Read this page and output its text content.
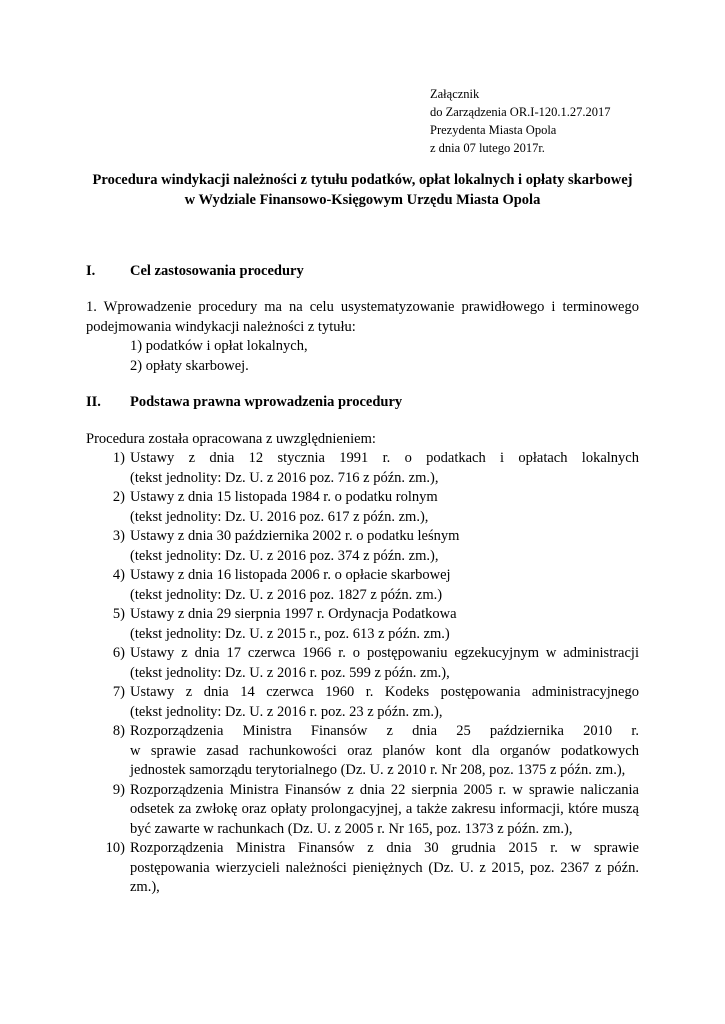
Załącznik
do Zarządzenia OR.I-120.1.27.2017
Prezydenta Miasta Opola
z dnia 07 lutego 2017r.
Procedura windykacji należności z tytułu podatków, opłat lokalnych i opłaty skarbowej
w Wydziale Finansowo-Księgowym Urzędu Miasta Opola
I. Cel zastosowania procedury
1. Wprowadzenie procedury ma na celu usystematyzowanie prawidłowego i terminowego podejmowania windykacji należności z tytułu:
1) podatków i opłat lokalnych,
2) opłaty skarbowej.
II. Podstawa prawna wprowadzenia procedury
Procedura została opracowana z uwzględnieniem:
1) Ustawy z dnia 12 stycznia 1991 r. o podatkach i opłatach lokalnych
(tekst jednolity: Dz. U. z 2016 poz. 716 z późn. zm.),
2) Ustawy z dnia 15 listopada 1984 r. o podatku rolnym
(tekst jednolity: Dz. U. 2016 poz. 617 z późn. zm.),
3) Ustawy z dnia 30 października 2002 r. o podatku leśnym
(tekst jednolity: Dz. U. z 2016 poz. 374 z późn. zm.),
4) Ustawy z dnia 16 listopada 2006 r. o opłacie skarbowej
(tekst jednolity: Dz. U. z 2016 poz. 1827 z późn. zm.)
5) Ustawy z dnia 29 sierpnia 1997 r. Ordynacja Podatkowa
(tekst jednolity: Dz. U. z 2015 r., poz. 613 z późn. zm.)
6) Ustawy z dnia 17 czerwca 1966 r. o postępowaniu egzekucyjnym w administracji
(tekst jednolity: Dz. U. z 2016 r. poz. 599 z późn. zm.),
7) Ustawy z dnia 14 czerwca 1960 r. Kodeks postępowania administracyjnego
(tekst jednolity: Dz. U. z 2016 r. poz. 23 z późn. zm.),
8) Rozporządzenia Ministra Finansów z dnia 25 października 2010 r.
w sprawie zasad rachunkowości oraz planów kont dla organów podatkowych
jednostek samorządu terytorialnego (Dz. U. z 2010 r. Nr 208, poz. 1375 z późn. zm.),
9) Rozporządzenia Ministra Finansów z dnia 22 sierpnia 2005 r. w sprawie naliczania
odsetek za zwłokę oraz opłaty prolongacyjnej, a także zakresu informacji, które muszą
być zawarte w rachunkach (Dz. U. z 2005 r. Nr 165, poz. 1373 z późn. zm.),
10) Rozporządzenia Ministra Finansów z dnia 30 grudnia 2015 r. w sprawie
postępowania wierzycieli należności pieniężnych (Dz. U. z 2015, poz. 2367 z późn.
zm.),
